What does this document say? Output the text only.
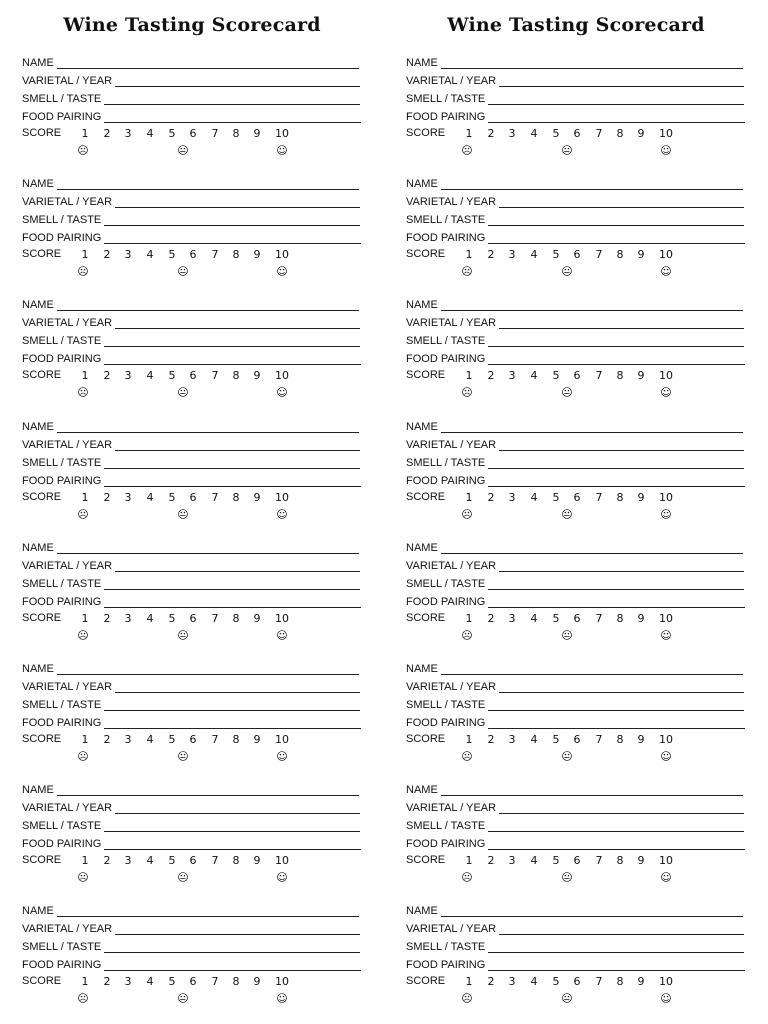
Wine Tasting Scorecard
NAME
VARIETAL / YEAR
SMELL / TASTE
FOOD PAIRING
SCORE	1	2	3	4	5	6	7	8	9	10
☹	😐	☺
NAME
VARIETAL / YEAR
SMELL / TASTE
FOOD PAIRING
SCORE	1	2	3	4	5	6	7	8	9	10
☹	😐	☺
NAME
VARIETAL / YEAR
SMELL / TASTE
FOOD PAIRING
SCORE	1	2	3	4	5	6	7	8	9	10
☹	😐	☺
NAME
VARIETAL / YEAR
SMELL / TASTE
FOOD PAIRING
SCORE	1	2	3	4	5	6	7	8	9	10
☹	😐	☺
NAME
VARIETAL / YEAR
SMELL / TASTE
FOOD PAIRING
SCORE	1	2	3	4	5	6	7	8	9	10
☹	😐	☺
NAME
VARIETAL / YEAR
SMELL / TASTE
FOOD PAIRING
SCORE	1	2	3	4	5	6	7	8	9	10
☹	😐	☺
NAME
VARIETAL / YEAR
SMELL / TASTE
FOOD PAIRING
SCORE	1	2	3	4	5	6	7	8	9	10
☹	😐	☺
NAME
VARIETAL / YEAR
SMELL / TASTE
FOOD PAIRING
SCORE	1	2	3	4	5	6	7	8	9	10
☹	😐	☺
Wine Tasting Scorecard
NAME
VARIETAL / YEAR
SMELL / TASTE
FOOD PAIRING
SCORE	1	2	3	4	5	6	7	8	9	10
☹	😐	☺
NAME
VARIETAL / YEAR
SMELL / TASTE
FOOD PAIRING
SCORE	1	2	3	4	5	6	7	8	9	10
☹	😐	☺
NAME
VARIETAL / YEAR
SMELL / TASTE
FOOD PAIRING
SCORE	1	2	3	4	5	6	7	8	9	10
☹	😐	☺
NAME
VARIETAL / YEAR
SMELL / TASTE
FOOD PAIRING
SCORE	1	2	3	4	5	6	7	8	9	10
☹	😐	☺
NAME
VARIETAL / YEAR
SMELL / TASTE
FOOD PAIRING
SCORE	1	2	3	4	5	6	7	8	9	10
☹	😐	☺
NAME
VARIETAL / YEAR
SMELL / TASTE
FOOD PAIRING
SCORE	1	2	3	4	5	6	7	8	9	10
☹	😐	☺
NAME
VARIETAL / YEAR
SMELL / TASTE
FOOD PAIRING
SCORE	1	2	3	4	5	6	7	8	9	10
☹	😐	☺
NAME
VARIETAL / YEAR
SMELL / TASTE
FOOD PAIRING
SCORE	1	2	3	4	5	6	7	8	9	10
☹	😐	☺
